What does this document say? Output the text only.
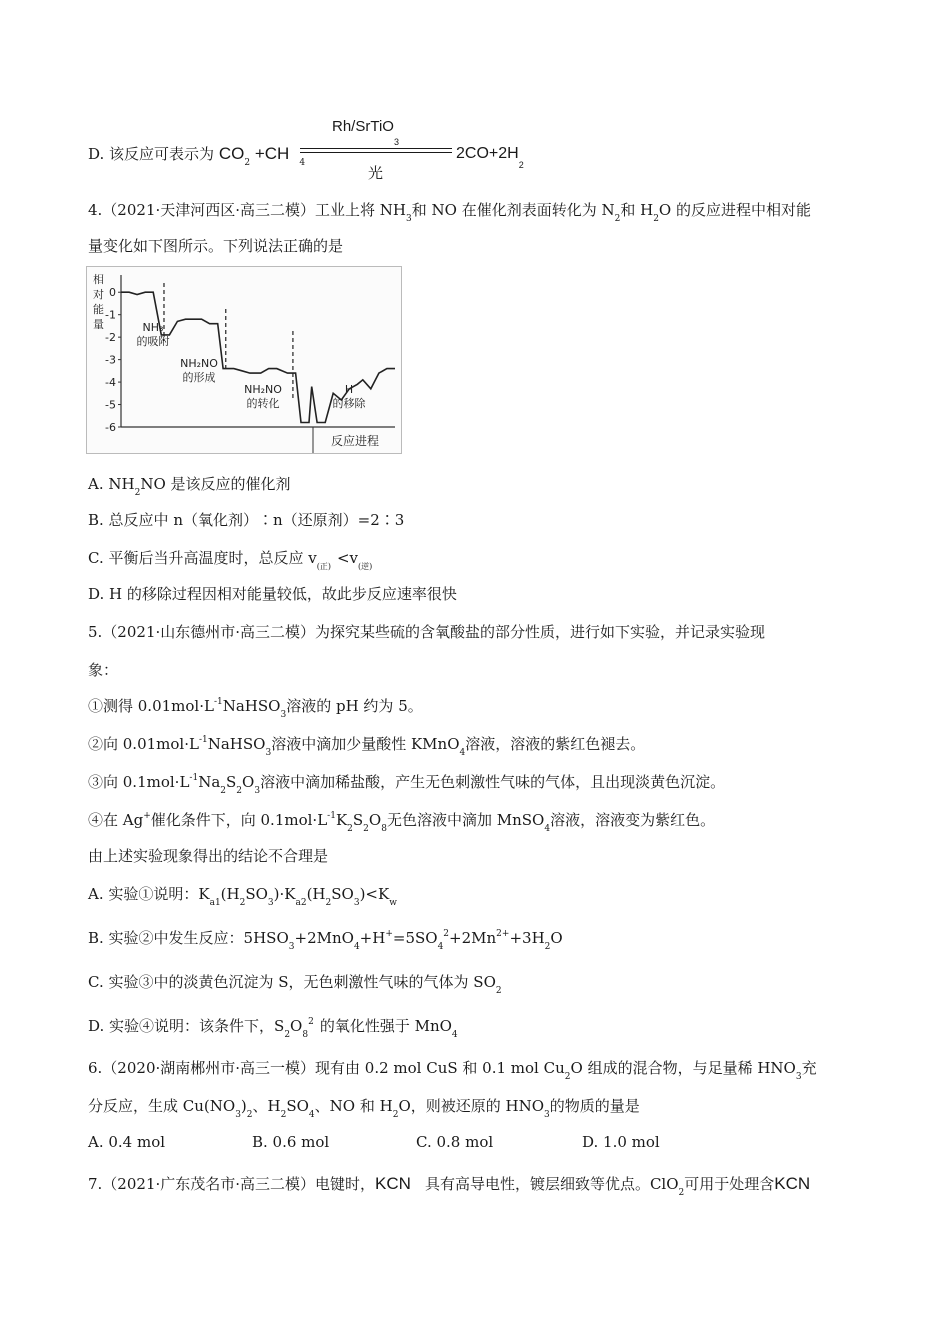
D. 该反应可表示为 $CO_2 +CH$ $_4$
Rh/SrTiO$_3$
光
$2CO+2H_2$
4.（2021·天津河西区·高三二模）工业上将 $NH_3$和 NO 在催化剂表面转化为 $N_2$和 $H_2O$ 的反应进程中相对能
量变化如下图所示。下列说法正确的是
相
对
能
量
0
-1
-2
-3
-4
-5
-6
NH₃
的吸附
NH₂NO
的形成
NH₂NO
的转化
H
的移除
反应进程
A. $NH_2NO$ 是该反应的催化剂
B. 总反应中 n（氧化剂）∶n（还原剂）=2∶3
C. 平衡后当升高温度时，总反应 $v_{(正)} <v_{(逆)}$
D. H 的移除过程因相对能量较低，故此步反应速率很快
5.（2021·山东德州市·高三二模）为探究某些硫的含氧酸盐的部分性质，进行如下实验，并记录实验现
象：
①测得 $0.01mol\cdot L^{-1}NaHSO_3$溶液的 pH 约为 5。
②向 $0.01mol\cdot L^{-1}NaHSO_3$溶液中滴加少量酸性 KMnO$_4$溶液，溶液的紫红色褪去。
③向 $0.1mol\cdot L^{-1}Na_2S_2O_3$溶液中滴加稀盐酸，产生无色刺激性气味的气体，且出现淡黄色沉淀。
④在 Ag+催化条件下，向 $0.1mol\cdot L^{-1}K_2S_2O_8$无色溶液中滴加 MnSO$_4$溶液，溶液变为紫红色。
由上述实验现象得出的结论不合理是
A. 实验①说明：$K_{a1}(H_2SO_3)\cdot K_{a2}(H_2SO_3)<K_w$
B. 实验②中发生反应：$5HSO_3+2MnO_4+H^+=5SO_4^2+2Mn^{2+}+3H_2O$
C. 实验③中的淡黄色沉淀为 S，无色刺激性气味的气体为 $SO_2$
D. 实验④说明：该条件下，$S_2O_8^2$ 的氧化性强于 MnO$_4$
6.（2020·湖南郴州市·高三一模）现有由 0.2 mol CuS 和 0.1 mol $Cu_2O$ 组成的混合物，与足量稀 $HNO_3$充
分反应，生成 $Cu(NO_3)_2$、$H_2SO_4$、NO 和 $H_2O$，则被还原的 $HNO_3$的物质的量是
A. 0.4 mol	B. 0.6 mol	C. 0.8 mol	D. 1.0 mol
7.（2021·广东茂名市·高三二模）电键时，KCN 具有高导电性，镀层细致等优点。ClO$_2$可用于处理含KCN
